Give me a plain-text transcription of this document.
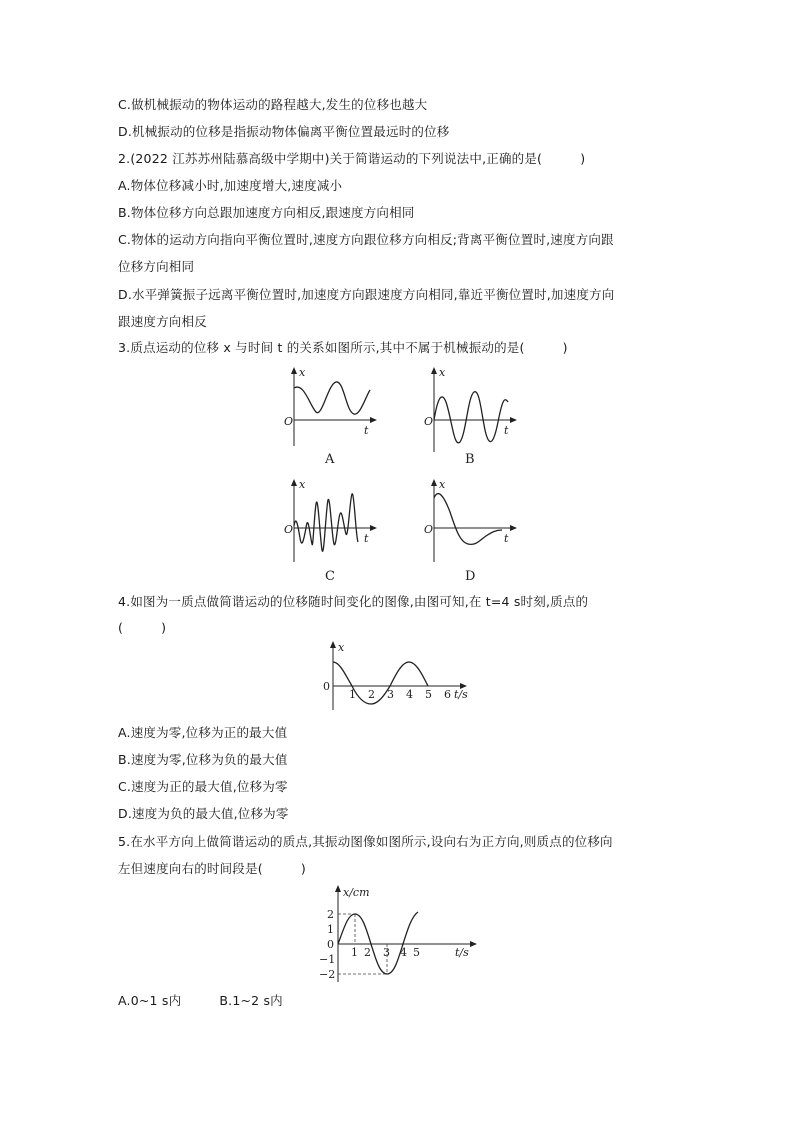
C.做机械振动的物体运动的路程越大,发生的位移也越大
D.机械振动的位移是指振动物体偏离平衡位置最远时的位移
2.(2022 江苏苏州陆慕高级中学期中)关于简谐运动的下列说法中,正确的是(　　　)
A.物体位移减小时,加速度增大,速度减小
B.物体位移方向总跟加速度方向相反,跟速度方向相同
C.物体的运动方向指向平衡位置时,速度方向跟位移方向相反;背离平衡位置时,速度方向跟
位移方向相同
D.水平弹簧振子远离平衡位置时,加速度方向跟速度方向相同,靠近平衡位置时,加速度方向
跟速度方向相反
3.质点运动的位移 x 与时间 t 的关系如图所示,其中不属于机械振动的是(　　　)
x
O
t
A
x
O
t
B
x
O
t
C
x
O
t
D
4.如图为一质点做简谐运动的位移随时间变化的图像,由图可知,在 t=4 s时刻,质点的
(　　　)
x
0
1 2 3 4 5 6 t/s
A.速度为零,位移为正的最大值
B.速度为零,位移为负的最大值
C.速度为正的最大值,位移为零
D.速度为负的最大值,位移为零
5.在水平方向上做简谐运动的质点,其振动图像如图所示,设向右为正方向,则质点的位移向
左但速度向右的时间段是(　　　)
x/cm
2
1
0
−1
−2
1 2 3 4 5	t/s
A.0~1 s内　　　B.1~2 s内
